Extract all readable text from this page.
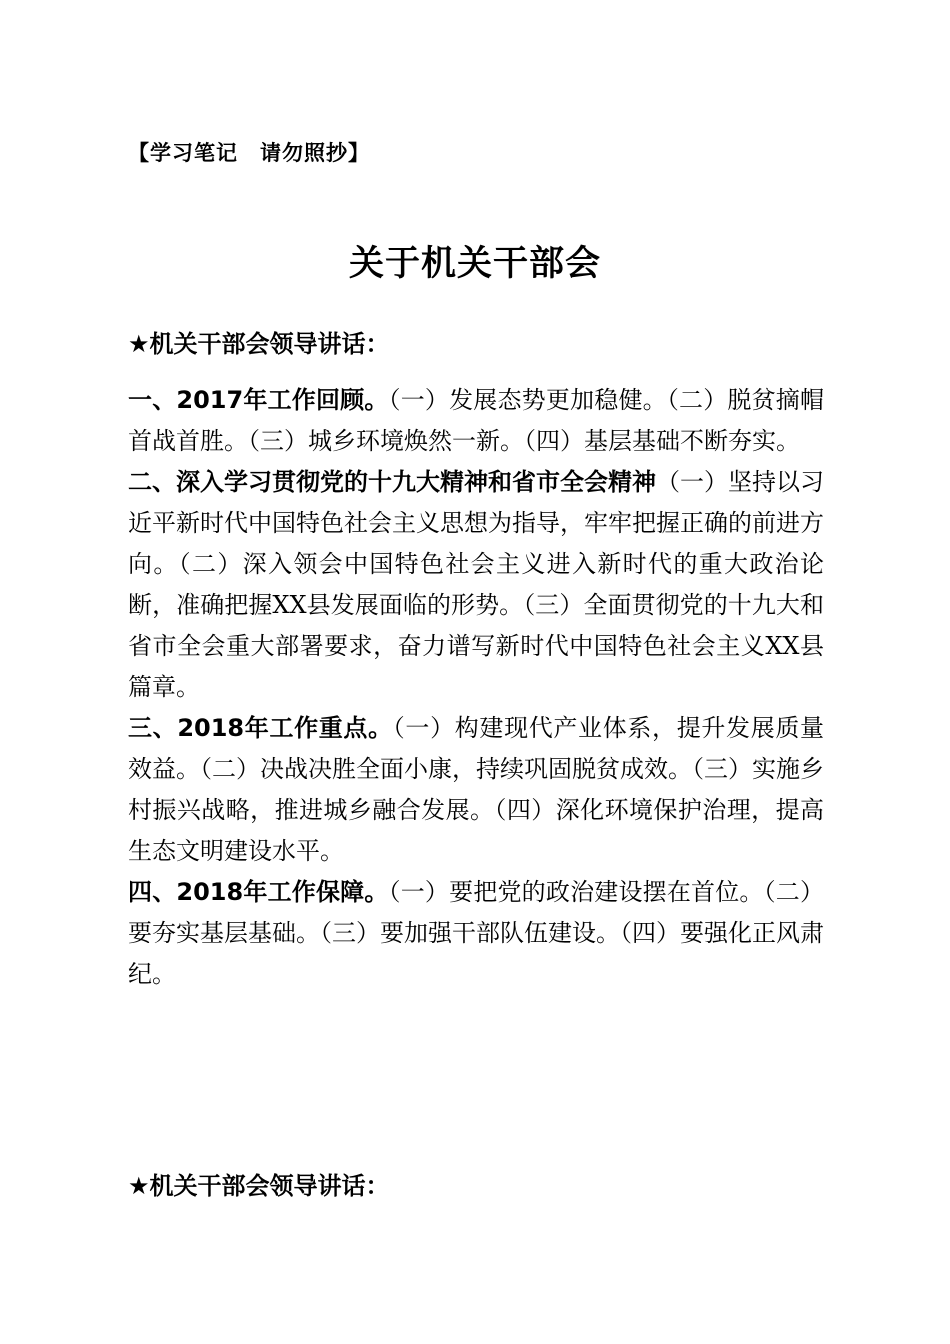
【学习笔记　请勿照抄】
关于机关干部会
★机关干部会领导讲话：

一、2017年工作回顾。（一）发展态势更加稳健。（二）脱贫摘帽首战首胜。（三）城乡环境焕然一新。（四）基层基础不断夯实。

二、深入学习贯彻党的十九大精神和省市全会精神（一）坚持以习近平新时代中国特色社会主义思想为指导，牢牢把握正确的前进方向。（二）深入领会中国特色社会主义进入新时代的重大政治论断，准确把握XX县发展面临的形势。（三）全面贯彻党的十九大和省市全会重大部署要求，奋力谱写新时代中国特色社会主义XX县篇章。

三、2018年工作重点。（一）构建现代产业体系，提升发展质量效益。（二）决战决胜全面小康，持续巩固脱贫成效。（三）实施乡村振兴战略，推进城乡融合发展。（四）深化环境保护治理，提高生态文明建设水平。

四、2018年工作保障。（一）要把党的政治建设摆在首位。（二）要夯实基层基础。（三）要加强干部队伍建设。（四）要强化正风肃纪。

★机关干部会领导讲话：
